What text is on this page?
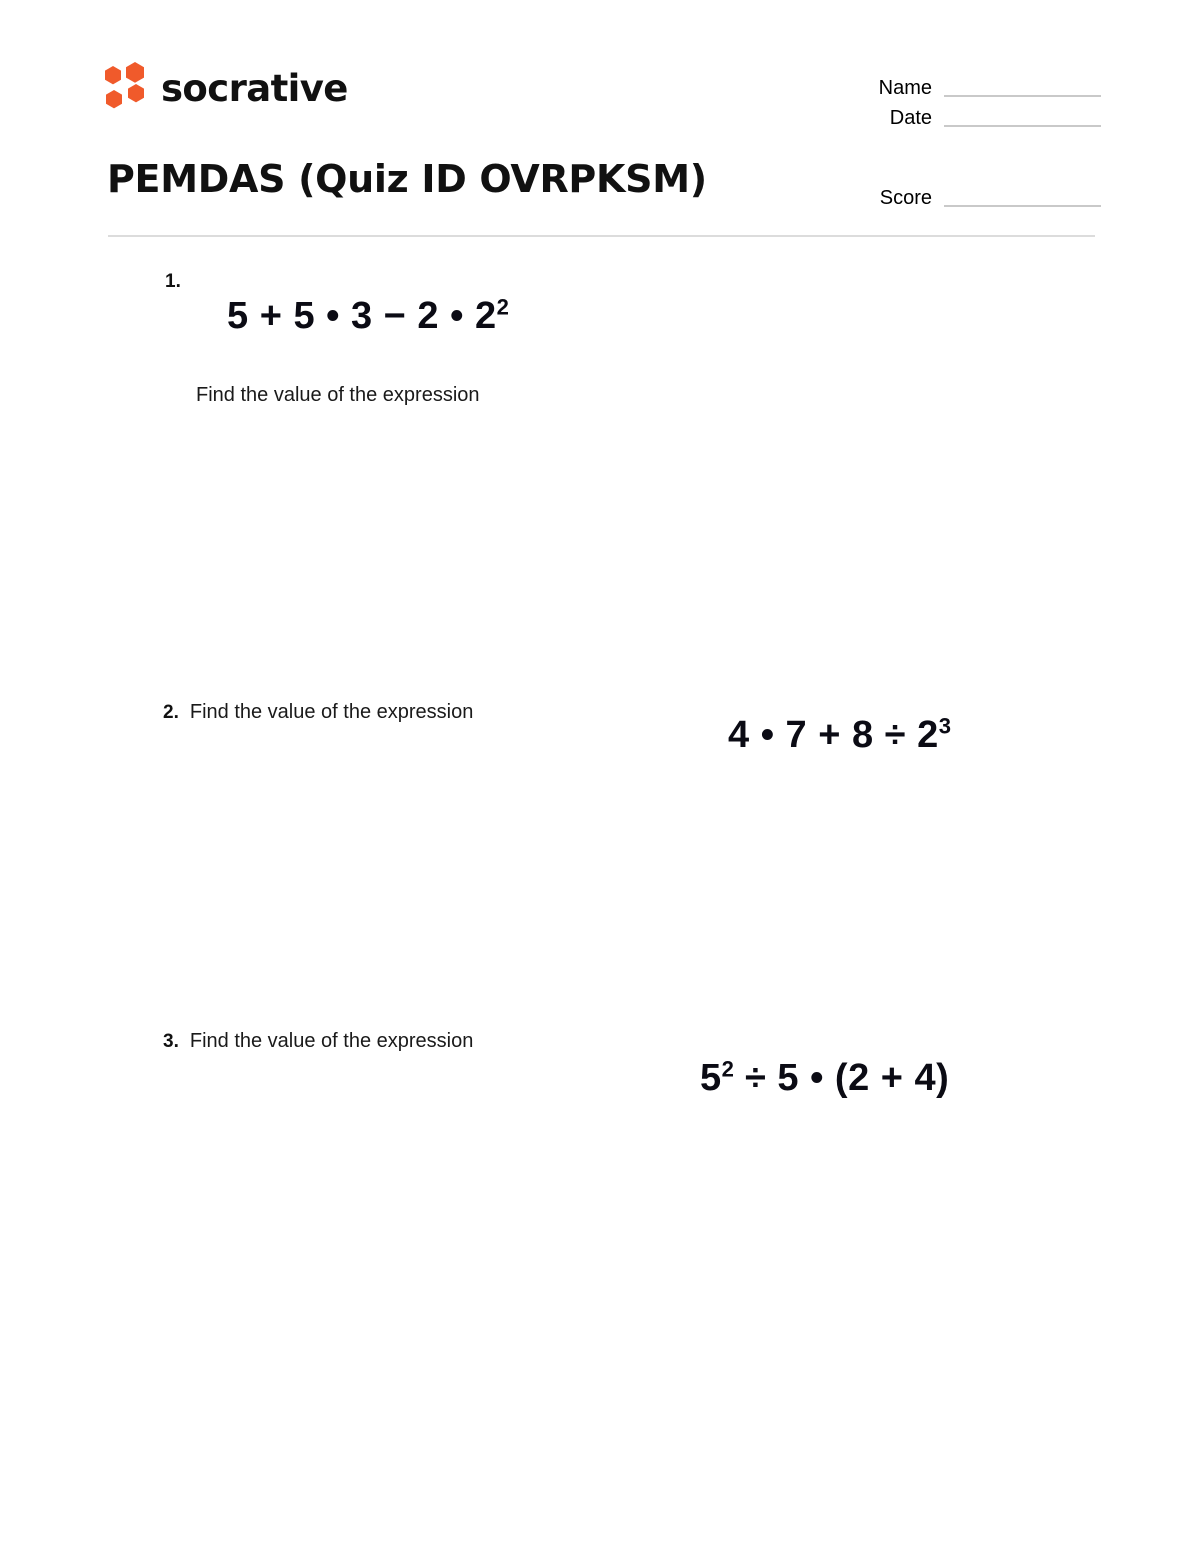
socrative	Name
Date
Score
PEMDAS (Quiz ID OVRPKSM)
1.
5 + 5 • 3 − 2 • $2^2$
Find the value of the expression
2. Find the value of the expression
4 • $7 + 8 \div 2^3$
3. Find the value of the expression
$5^2 \div 5$ • (2 + 4)
